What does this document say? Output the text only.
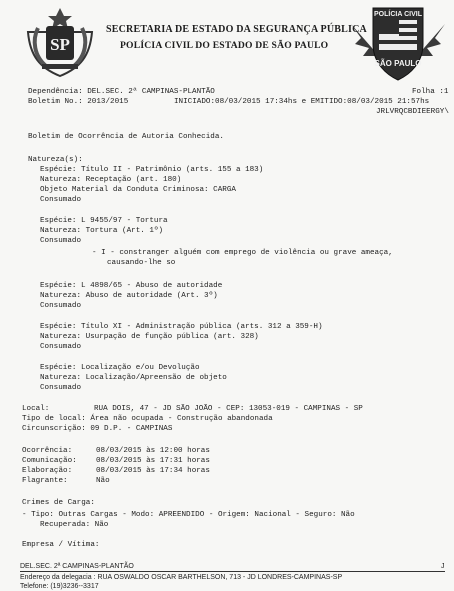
SP
POLÍCIA CIVIL
SÃO PAULO
SECRETARIA DE ESTADO DA SEGURANÇA PÚBLICA
POLÍCIA CIVIL DO ESTADO DE SÃO PAULO
Dependência: DEL.SEC. 2ª CAMPINAS-PLANTÃO	Folha :1
Boletim No.: 2013/2015	INICIADO:08/03/2015 17:34hs e EMITIDO:08/03/2015 21:57hs
JRLVRQCBDIEERGY\
Boletim de Ocorrência de Autoria Conhecida.
Natureza(s):
Espécie: Título II - Patrimônio (arts. 155 a 183)
Natureza: Receptação (art. 180)
Objeto Material da Conduta Criminosa: CARGA
Consumado
Espécie: L 9455/97 - Tortura
Natureza: Tortura (Art. 1º)
Consumado
- I - constranger alguém com emprego de violência ou grave ameaça,
causando-lhe so
Espécie: L 4898/65 - Abuso de autoridade
Natureza: Abuso de autoridade (Art. 3º)
Consumado
Espécie: Título XI - Administração pública (arts. 312 a 359-H)
Natureza: Usurpação de função pública (art. 328)
Consumado
Espécie: Localização e/ou Devolução
Natureza: Localização/Apreensão de objeto
Consumado
Local:	RUA DOIS, 47 - JD SÃO JOÃO - CEP: 13053-019 - CAMPINAS - SP
Tipo de local: Área não ocupada - Construção abandonada
Circunscrição: 09 D.P. - CAMPINAS
Ocorrência:	08/03/2015 às 12:00 horas
Comunicação:	08/03/2015 às 17:31 horas
Elaboração:	08/03/2015 às 17:34 horas
Flagrante:	Não
Crimes de Carga:
- Tipo: Outras Cargas - Modo: APREENDIDO - Origem: Nacional - Seguro: Não
Recuperada: Não
Empresa / Vítima:
DEL.SEC. 2ª CAMPINAS-PLANTÃO	J
Endereço da delegacia : RUA OSWALDO OSCAR BARTHELSON, 713 - JD LONDRES-CAMPINAS-SP
Telefone: (19)3236--3317
